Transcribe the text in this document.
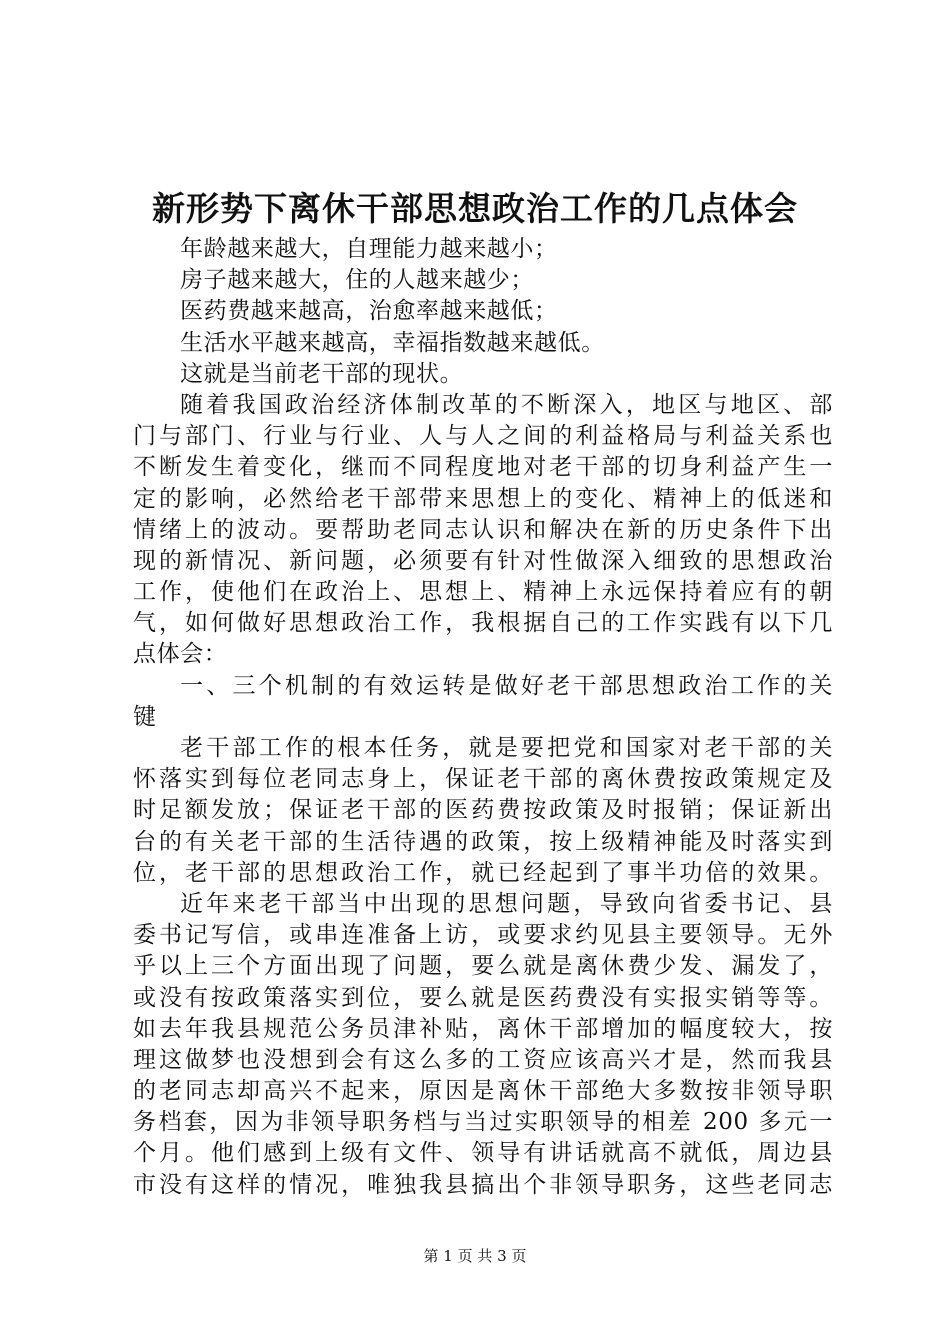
新形势下离休干部思想政治工作的几点体会
年龄越来越大，自理能力越来越小；
房子越来越大，住的人越来越少；
医药费越来越高，治愈率越来越低；
生活水平越来越高，幸福指数越来越低。
这就是当前老干部的现状。
随着我国政治经济体制改革的不断深入，地区与地区、部
门与部门、行业与行业、人与人之间的利益格局与利益关系也
不断发生着变化，继而不同程度地对老干部的切身利益产生一
定的影响，必然给老干部带来思想上的变化、精神上的低迷和
情绪上的波动。要帮助老同志认识和解决在新的历史条件下出
现的新情况、新问题，必须要有针对性做深入细致的思想政治
工作，使他们在政治上、思想上、精神上永远保持着应有的朝
气，如何做好思想政治工作，我根据自己的工作实践有以下几
点体会：
一、三个机制的有效运转是做好老干部思想政治工作的关
键
老干部工作的根本任务，就是要把党和国家对老干部的关
怀落实到每位老同志身上，保证老干部的离休费按政策规定及
时足额发放；保证老干部的医药费按政策及时报销；保证新出
台的有关老干部的生活待遇的政策，按上级精神能及时落实到
位，老干部的思想政治工作，就已经起到了事半功倍的效果。
近年来老干部当中出现的思想问题，导致向省委书记、县
委书记写信，或串连准备上访，或要求约见县主要领导。无外
乎以上三个方面出现了问题，要么就是离休费少发、漏发了，
或没有按政策落实到位，要么就是医药费没有实报实销等等。
如去年我县规范公务员津补贴，离休干部增加的幅度较大，按
理这做梦也没想到会有这么多的工资应该高兴才是，然而我县
的老同志却高兴不起来，原因是离休干部绝大多数按非领导职
务档套，因为非领导职务档与当过实职领导的相差 200 多元一
个月。他们感到上级有文件、领导有讲话就高不就低，周边县
市没有这样的情况，唯独我县搞出个非领导职务，这些老同志
第 1 页 共 3 页
